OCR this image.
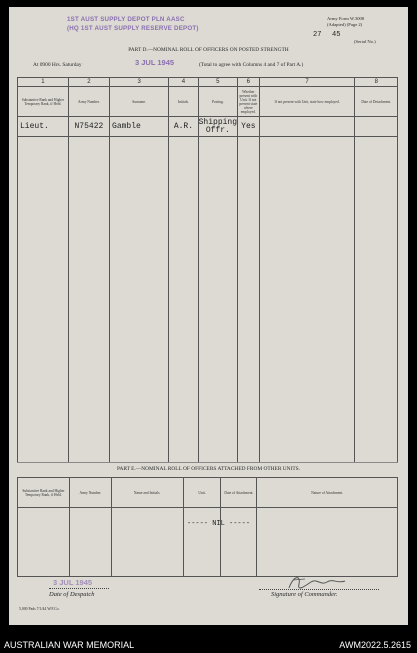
1ST AUST SUPPLY DEPOT PLN AASC
(HQ 1ST AUST SUPPLY RESERVE DEPOT)
Army Form W.3008
(Adapted) (Page 2)
27 45
(Serial No.)
PART D.—NOMINAL ROLL OF OFFICERS ON POSTED STRENGTH
At 0900 Hrs. Saturday	3 JUL 1945	(Total to agree with Columns 4 and 7 of Part A.)
1	2	3	4	5	6	7	8
Substantive Rank and Higher Temporary Rank, if Held.	Army Number.	Surname.	Initials.	Posting.	Whether present with Unit. If not present state where employed.	If not present with Unit, state how employed.	Date of Detachment.
Lieut.	N75422	Gamble	A.R.	Shipping Offr.	Yes		

PART E.—NOMINAL ROLL OF OFFICERS ATTACHED FROM OTHER UNITS.
Substantive Rank and Higher Temporary Rank, if Held.	Army Number.	Name and Initials.	Unit.	Date of Attachment.	Nature of Attachment.

----- NIL -----
3 JUL 1945
Date of Despatch	Signature of Commander.
5,000 Pads 7/1/44 W.F.Co.
AUSTRALIAN WAR MEMORIAL	AWM2022.5.2615
